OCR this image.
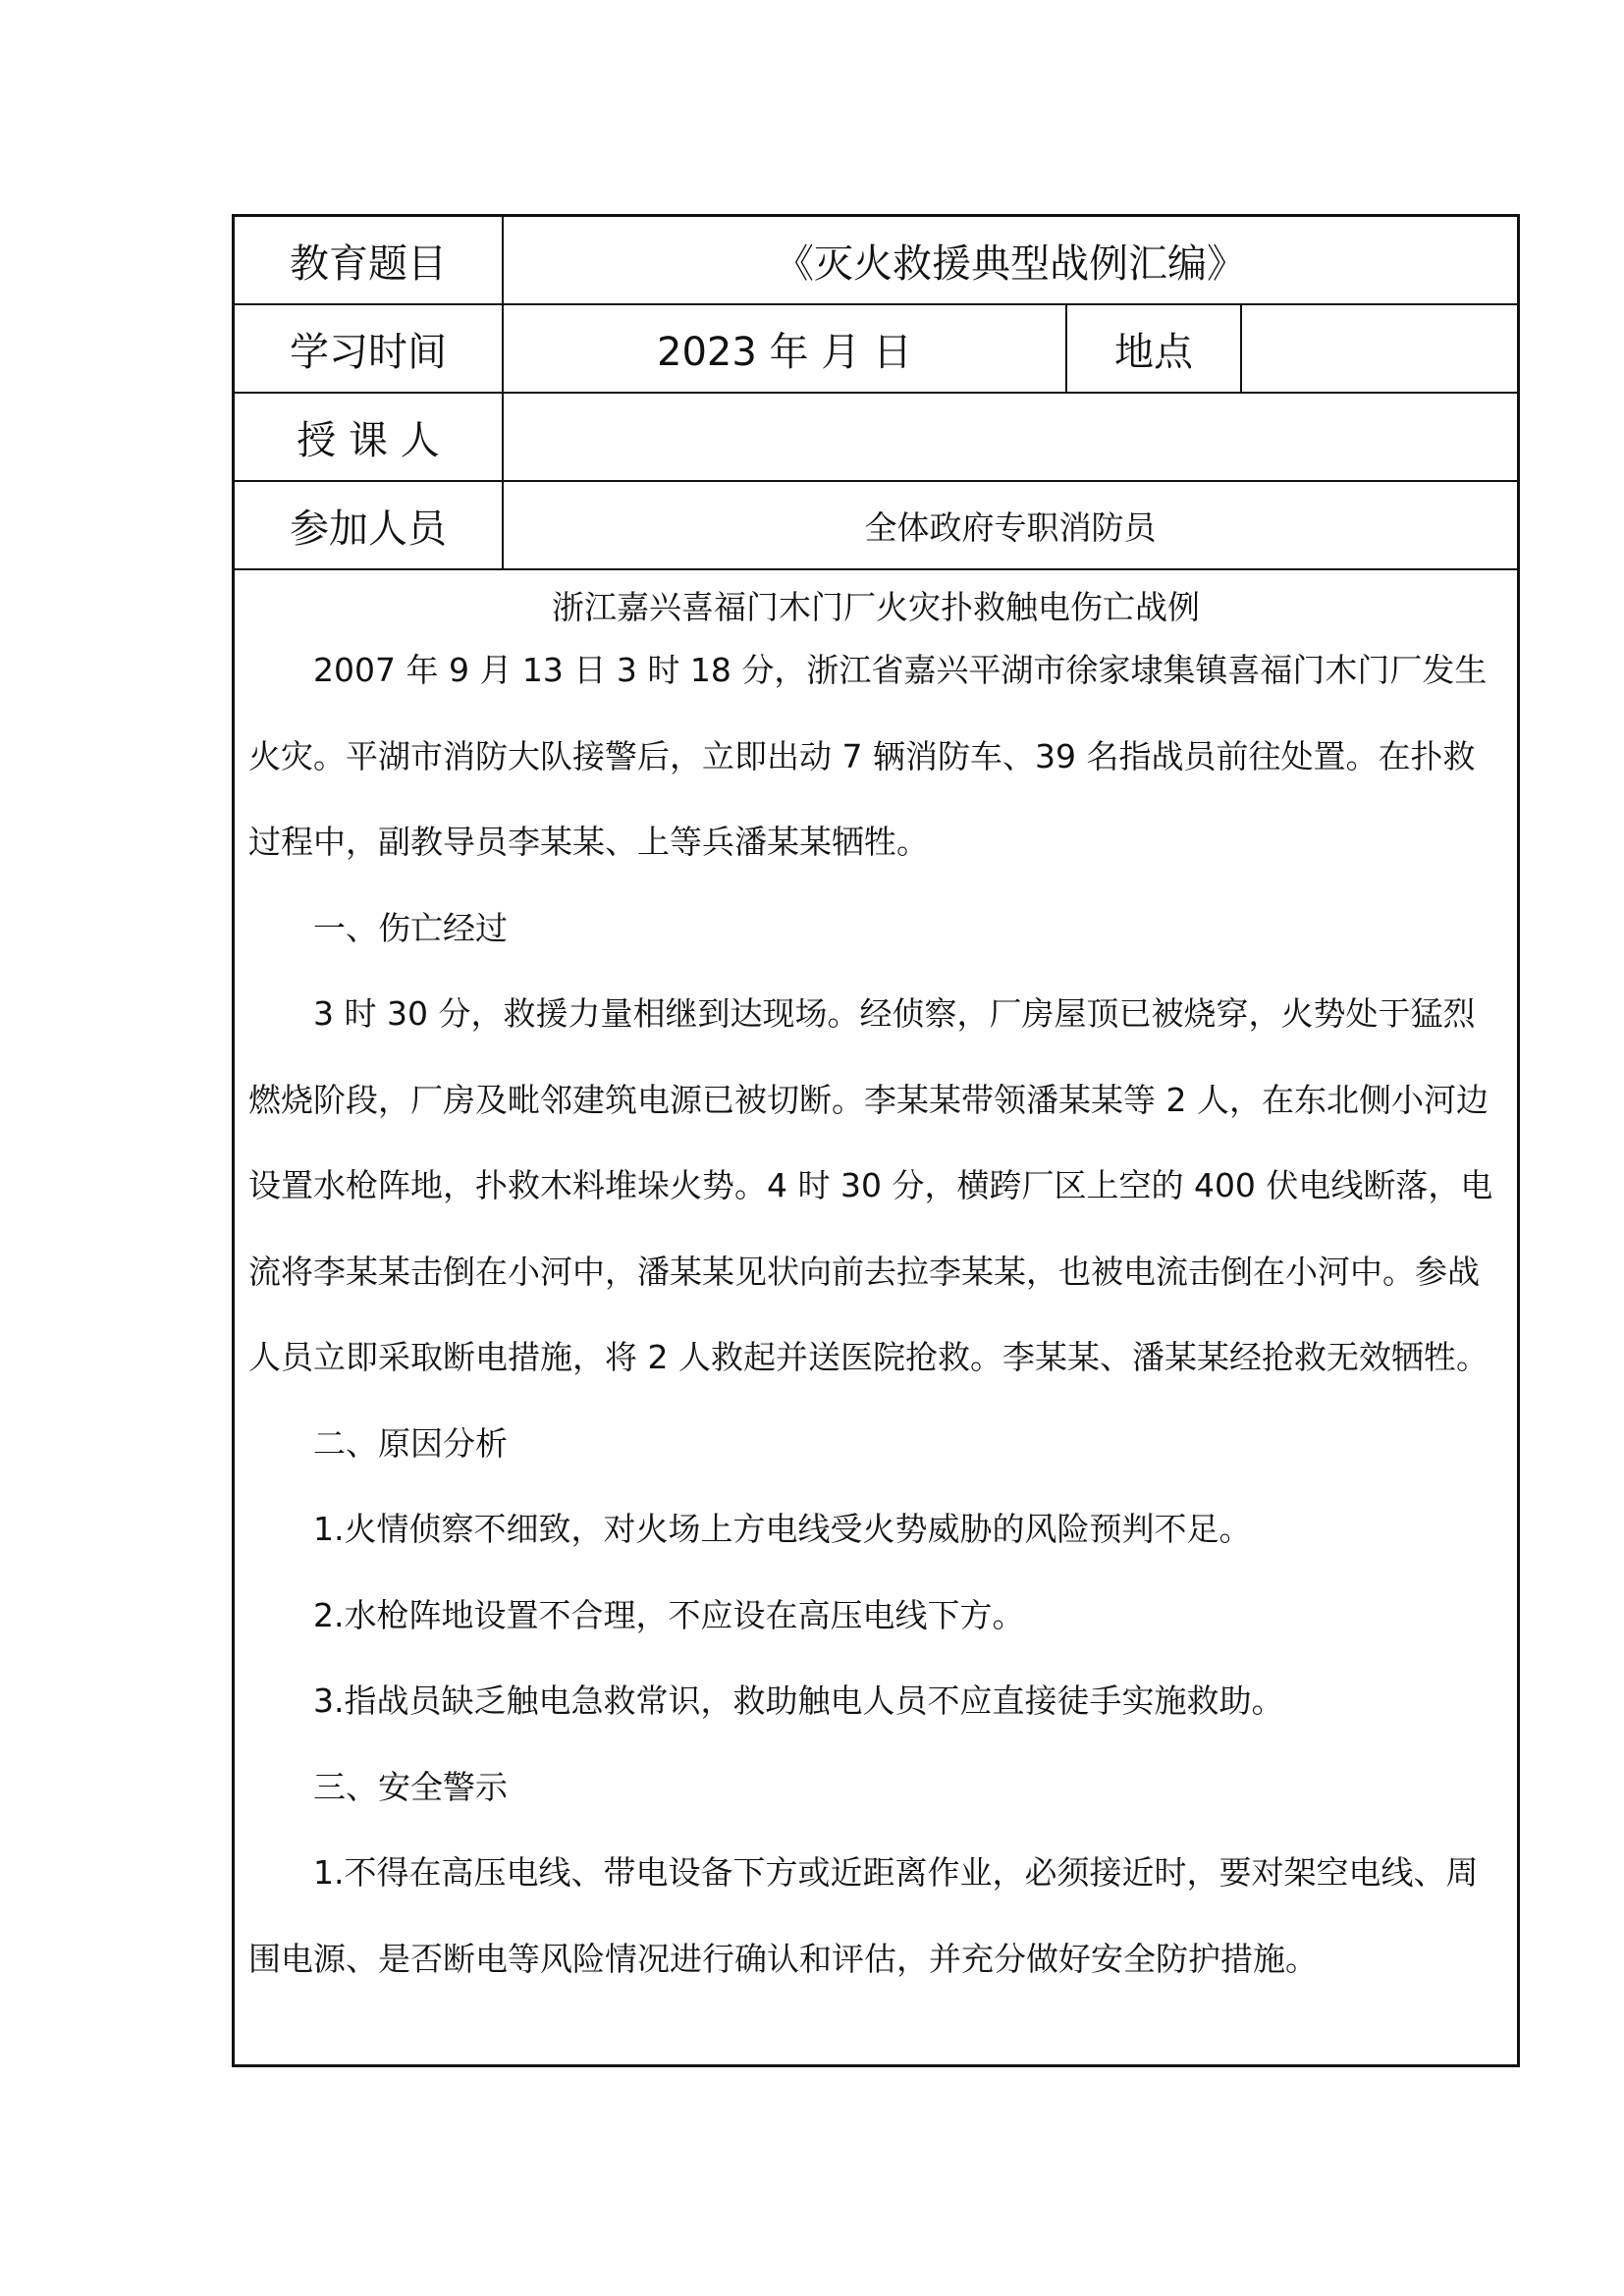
教育题目	《灭火救援典型战例汇编》
学习时间	2023 年 月 日	地点
授 课 人
参加人员	全体政府专职消防员
浙江嘉兴喜福门木门厂火灾扑救触电伤亡战例

2007 年 9 月 13 日 3 时 18 分，浙江省嘉兴平湖市徐家埭集镇喜福门木门厂发生火灾。平湖市消防大队接警后，立即出动 7 辆消防车、39 名指战员前往处置。在扑救过程中，副教导员李某某、上等兵潘某某牺牲。

一、伤亡经过

3 时 30 分，救援力量相继到达现场。经侦察，厂房屋顶已被烧穿，火势处于猛烈燃烧阶段，厂房及毗邻建筑电源已被切断。李某某带领潘某某等 2 人，在东北侧小河边设置水枪阵地，扑救木料堆垛火势。4 时 30 分，横跨厂区上空的 400 伏电线断落，电流将李某某击倒在小河中，潘某某见状向前去拉李某某，也被电流击倒在小河中。参战人员立即采取断电措施，将 2 人救起并送医院抢救。李某某、潘某某经抢救无效牺牲。

二、原因分析

1.火情侦察不细致，对火场上方电线受火势威胁的风险预判不足。

2.水枪阵地设置不合理，不应设在高压电线下方。

3.指战员缺乏触电急救常识，救助触电人员不应直接徒手实施救助。

三、安全警示

1.不得在高压电线、带电设备下方或近距离作业，必须接近时，要对架空电线、周围电源、是否断电等风险情况进行确认和评估，并充分做好安全防护措施。
